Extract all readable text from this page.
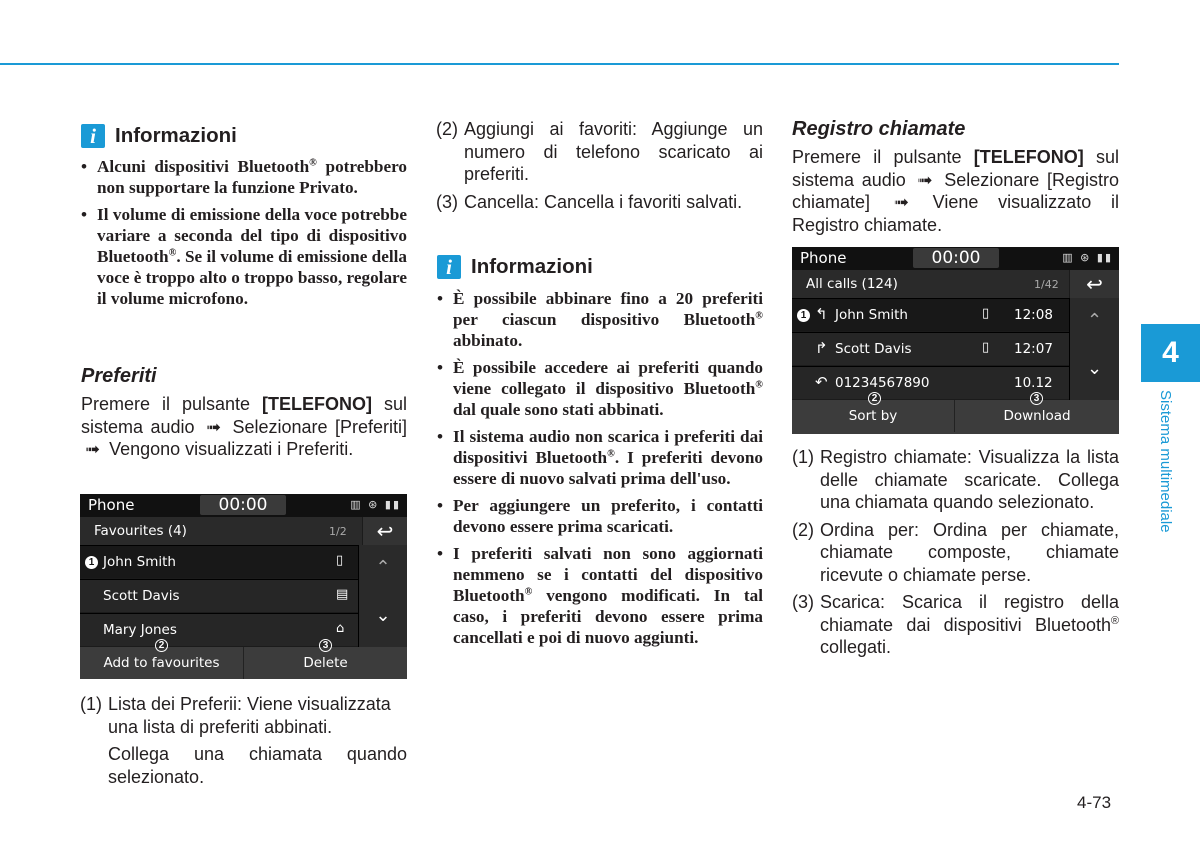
i Informazioni
• Alcuni dispositivi Bluetooth® potrebbero non supportare la funzione Privato.
• Il volume di emissione della voce potrebbe variare a seconda del tipo di dispositivo Bluetooth®. Se il volume di emissione della voce è troppo alto o troppo basso, regolare il volume microfono.
Preferiti
Premere il pulsante [TELEFONO] sul sistema audio ➟ Selezionare [Preferiti] ➟ Vengono visualizzati i Preferiti.
Phone	00:00	▥ ⊛ ▮▮
Favourites (4)	1/2	↩
1 John Smith	▯
Scott Davis	▤
Mary Jones	⌂
⌃
⌄
Add to favourites	Delete
2	3
(1) Lista dei Preferii: Viene visualizzata una lista di preferiti abbinati.
Collega una chiamata quando selezionato.
(2) Aggiungi ai favoriti: Aggiunge un numero di telefono scaricato ai preferiti.
(3) Cancella: Cancella i favoriti salvati.
i Informazioni
• È possibile abbinare fino a 20 preferiti per ciascun dispositivo Bluetooth® abbinato.
• È possibile accedere ai preferiti quando viene collegato il dispositivo Bluetooth® dal quale sono stati abbinati.
• Il sistema audio non scarica i preferiti dai dispositivi Bluetooth®. I preferiti devono essere di nuovo salvati prima dell'uso.
• Per aggiungere un preferito, i contatti devono essere prima scaricati.
• I preferiti salvati non sono aggiornati nemmeno se i contatti del dispositivo Bluetooth® vengono modificati. In tal caso, i preferiti devono essere prima cancellati e poi di nuovo aggiunti.
Registro chiamate
Premere il pulsante [TELEFONO] sul sistema audio ➟ Selezionare [Registro chiamate] ➟ Viene visualizzato il Registro chiamate.
Phone	00:00	▥ ⊛ ▮▮
All calls (124)	1/42	↩
1 ↰ John Smith	▯ 12:08
↱ Scott Davis	▯ 12:07
↶ 01234567890	10.12
⌃
⌄
Sort by	Download
2	3
(1) Registro chiamate: Visualizza la lista delle chiamate scaricate. Collega una chiamata quando selezionato.
(2) Ordina per: Ordina per chiamate, chiamate composte, chiamate ricevute o chiamate perse.
(3) Scarica: Scarica il registro della chiamate dai dispositivi Bluetooth® collegati.
4
Sistema multimediale
4-73
